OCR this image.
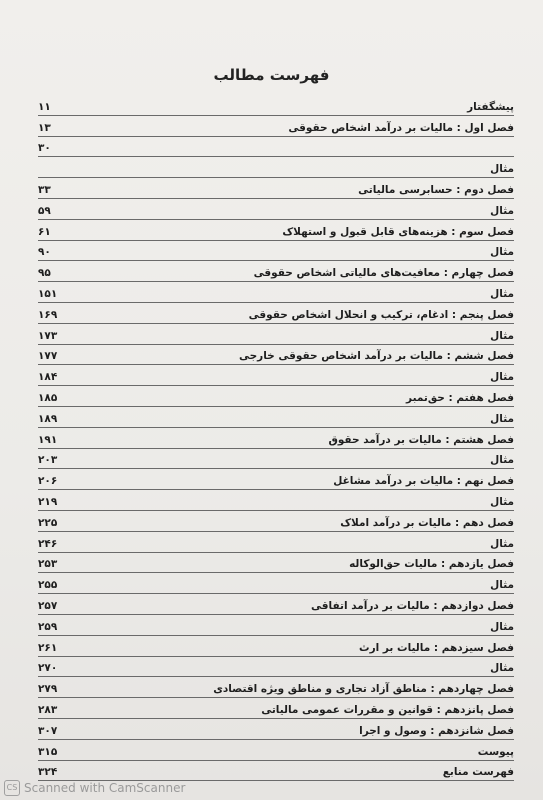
فهرست مطالب
پیشگفتار
۱۱
فصل اول : مالیات بر درآمد اشخاص حقوقی
۱۳
۳۰
مثال
فصل دوم : حسابرسی مالیاتی
۳۳
مثال
۵۹
فصل سوم : هزینه‌های قابل قبول و استهلاک
۶۱
مثال
۹۰
فصل چهارم : معافیت‌های مالیاتی اشخاص حقوقی
۹۵
مثال
۱۵۱
فصل پنجم : ادغام، ترکیب و انحلال اشخاص حقوقی
۱۶۹
مثال
۱۷۳
فصل ششم : مالیات بر درآمد اشخاص حقوقی خارجی
۱۷۷
مثال
۱۸۴
فصل هفتم : حق‌تمبر
۱۸۵
مثال
۱۸۹
فصل هشتم : مالیات بر درآمد حقوق
۱۹۱
مثال
۲۰۳
فصل نهم : مالیات بر درآمد مشاغل
۲۰۶
مثال
۲۱۹
فصل دهم : مالیات بر درآمد املاک
۲۲۵
مثال
۲۴۶
فصل یازدهم : مالیات حق‌الوکاله
۲۵۳
مثال
۲۵۵
فصل دوازدهم : مالیات بر درآمد اتفاقی
۲۵۷
مثال
۲۵۹
فصل سیزدهم : مالیات بر ارث
۲۶۱
مثال
۲۷۰
فصل چهاردهم : مناطق آزاد تجاری و مناطق ویژه اقتصادی
۲۷۹
فصل پانزدهم : قوانین و مقررات عمومی مالیاتی
۲۸۳
فصل شانزدهم : وصول و اجرا
۳۰۷
پیوست
۳۱۵
فهرست منابع
۳۲۴
CS Scanned with CamScanner
